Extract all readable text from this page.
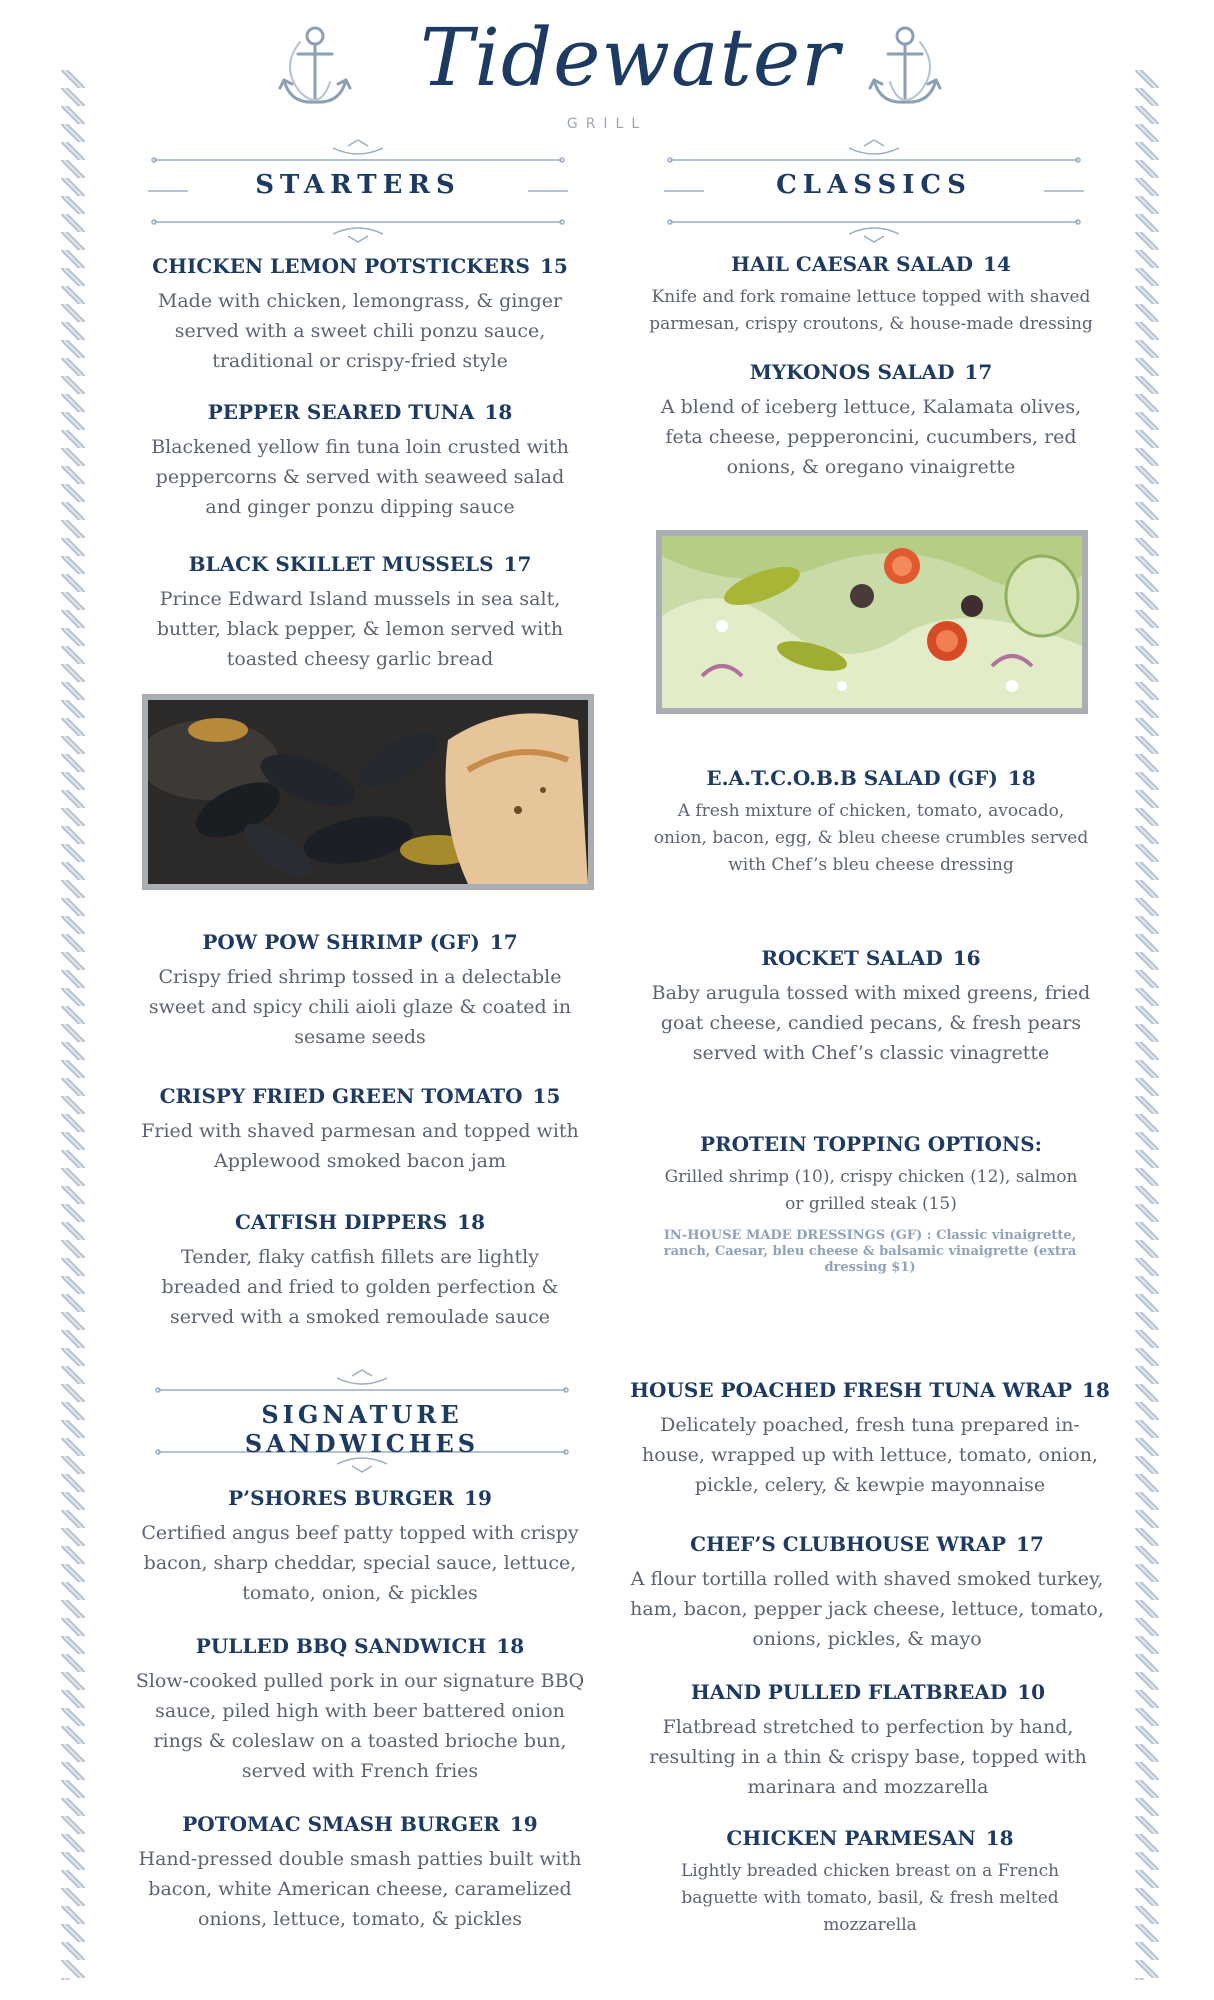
Tidewater
GRILL
STARTERS	CLASSICS
CHICKEN LEMON POTSTICKERS 15
Made with chicken, lemongrass, & ginger served with a sweet chili ponzu sauce, traditional or crispy-fried style
PEPPER SEARED TUNA 18
Blackened yellow fin tuna loin crusted with peppercorns & served with seaweed salad and ginger ponzu dipping sauce
BLACK SKILLET MUSSELS 17
Prince Edward Island mussels in sea salt, butter, black pepper, & lemon served with toasted cheesy garlic bread
POW POW SHRIMP (GF) 17
Crispy fried shrimp tossed in a delectable sweet and spicy chili aioli glaze & coated in sesame seeds
CRISPY FRIED GREEN TOMATO 15
Fried with shaved parmesan and topped with Applewood smoked bacon jam
CATFISH DIPPERS 18
Tender, flaky catfish fillets are lightly breaded and fried to golden perfection & served with a smoked remoulade sauce
SIGNATURE SANDWICHES
P’SHORES BURGER 19
Certified angus beef patty topped with crispy bacon, sharp cheddar, special sauce, lettuce, tomato, onion, & pickles
PULLED BBQ SANDWICH 18
Slow-cooked pulled pork in our signature BBQ sauce, piled high with beer battered onion rings & coleslaw on a toasted brioche bun, served with French fries
POTOMAC SMASH BURGER 19
Hand-pressed double smash patties built with bacon, white American cheese, caramelized onions, lettuce, tomato, & pickles
HAIL CAESAR SALAD 14
Knife and fork romaine lettuce topped with shaved parmesan, crispy croutons, & house-made dressing
MYKONOS SALAD 17
A blend of iceberg lettuce, Kalamata olives, feta cheese, pepperoncini, cucumbers, red onions, & oregano vinaigrette
E.A.T.C.O.B.B SALAD (GF) 18
A fresh mixture of chicken, tomato, avocado, onion, bacon, egg, & bleu cheese crumbles served with Chef’s bleu cheese dressing
ROCKET SALAD 16
Baby arugula tossed with mixed greens, fried goat cheese, candied pecans, & fresh pears served with Chef’s classic vinagrette
PROTEIN TOPPING OPTIONS:
Grilled shrimp (10), crispy chicken (12), salmon or grilled steak (15)
IN-HOUSE MADE DRESSINGS (GF) : Classic vinaigrette, ranch, Caesar, bleu cheese & balsamic vinaigrette (extra dressing $1)
HOUSE POACHED FRESH TUNA WRAP 18
Delicately poached, fresh tuna prepared in-house, wrapped up with lettuce, tomato, onion, pickle, celery, & kewpie mayonnaise
CHEF’S CLUBHOUSE WRAP 17
A flour tortilla rolled with shaved smoked turkey, ham, bacon, pepper jack cheese, lettuce, tomato, onions, pickles, & mayo
HAND PULLED FLATBREAD 10
Flatbread stretched to perfection by hand, resulting in a thin & crispy base, topped with marinara and mozzarella
CHICKEN PARMESAN 18
Lightly breaded chicken breast on a French baguette with tomato, basil, & fresh melted mozzarella
